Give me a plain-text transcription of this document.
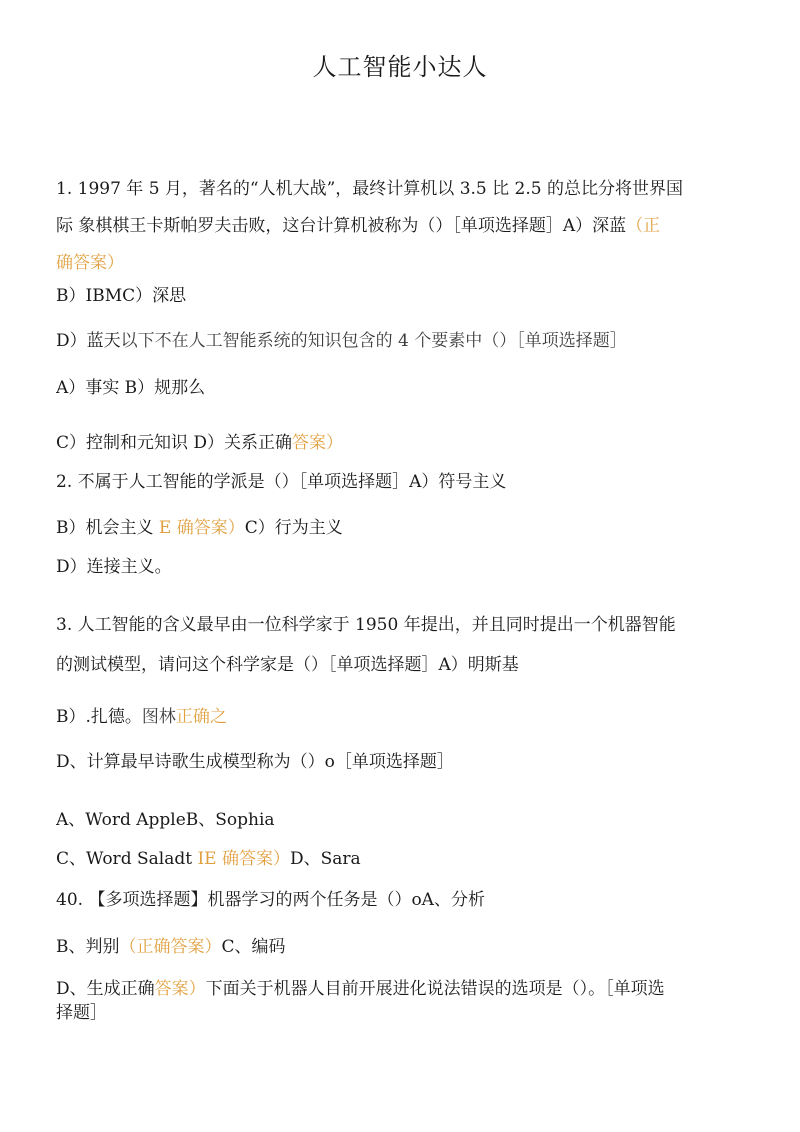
人工智能小达人
1. 1997 年 5 月，著名的“人机大战”，最终计算机以 3.5 比 2.5 的总比分将世界国
际 象棋棋王卡斯帕罗夫击败，这台计算机被称为（）［单项选择题］A）深蓝（正
确答案）
B）IBMC）深思
D）蓝天以下不在人工智能系统的知识包含的 4 个要素中（）［单项选择题］
A）事实 B）规那么
C）控制和元知识 D）关系正确答案）
2. 不属于人工智能的学派是（）［单项选择题］A）符号主义
B）机会主义 E 确答案）C）行为主义
D）连接主义。
3. 人工智能的含义最早由一位科学家于 1950 年提出，并且同时提出一个机器智能
的测试模型，请问这个科学家是（）［单项选择题］A）明斯基
B）.扎德。图林正确之
D、计算最早诗歌生成模型称为（）o［单项选择题］
A、Word AppleB、Sophia
C、Word Saladt IE 确答案）D、Sara
40. 【多项选择题】机器学习的两个任务是（）oA、分析
B、判别（正确答案）C、编码
D、生成正确答案）下面关于机器人目前开展进化说法错误的选项是（）。［单项选
择题］
